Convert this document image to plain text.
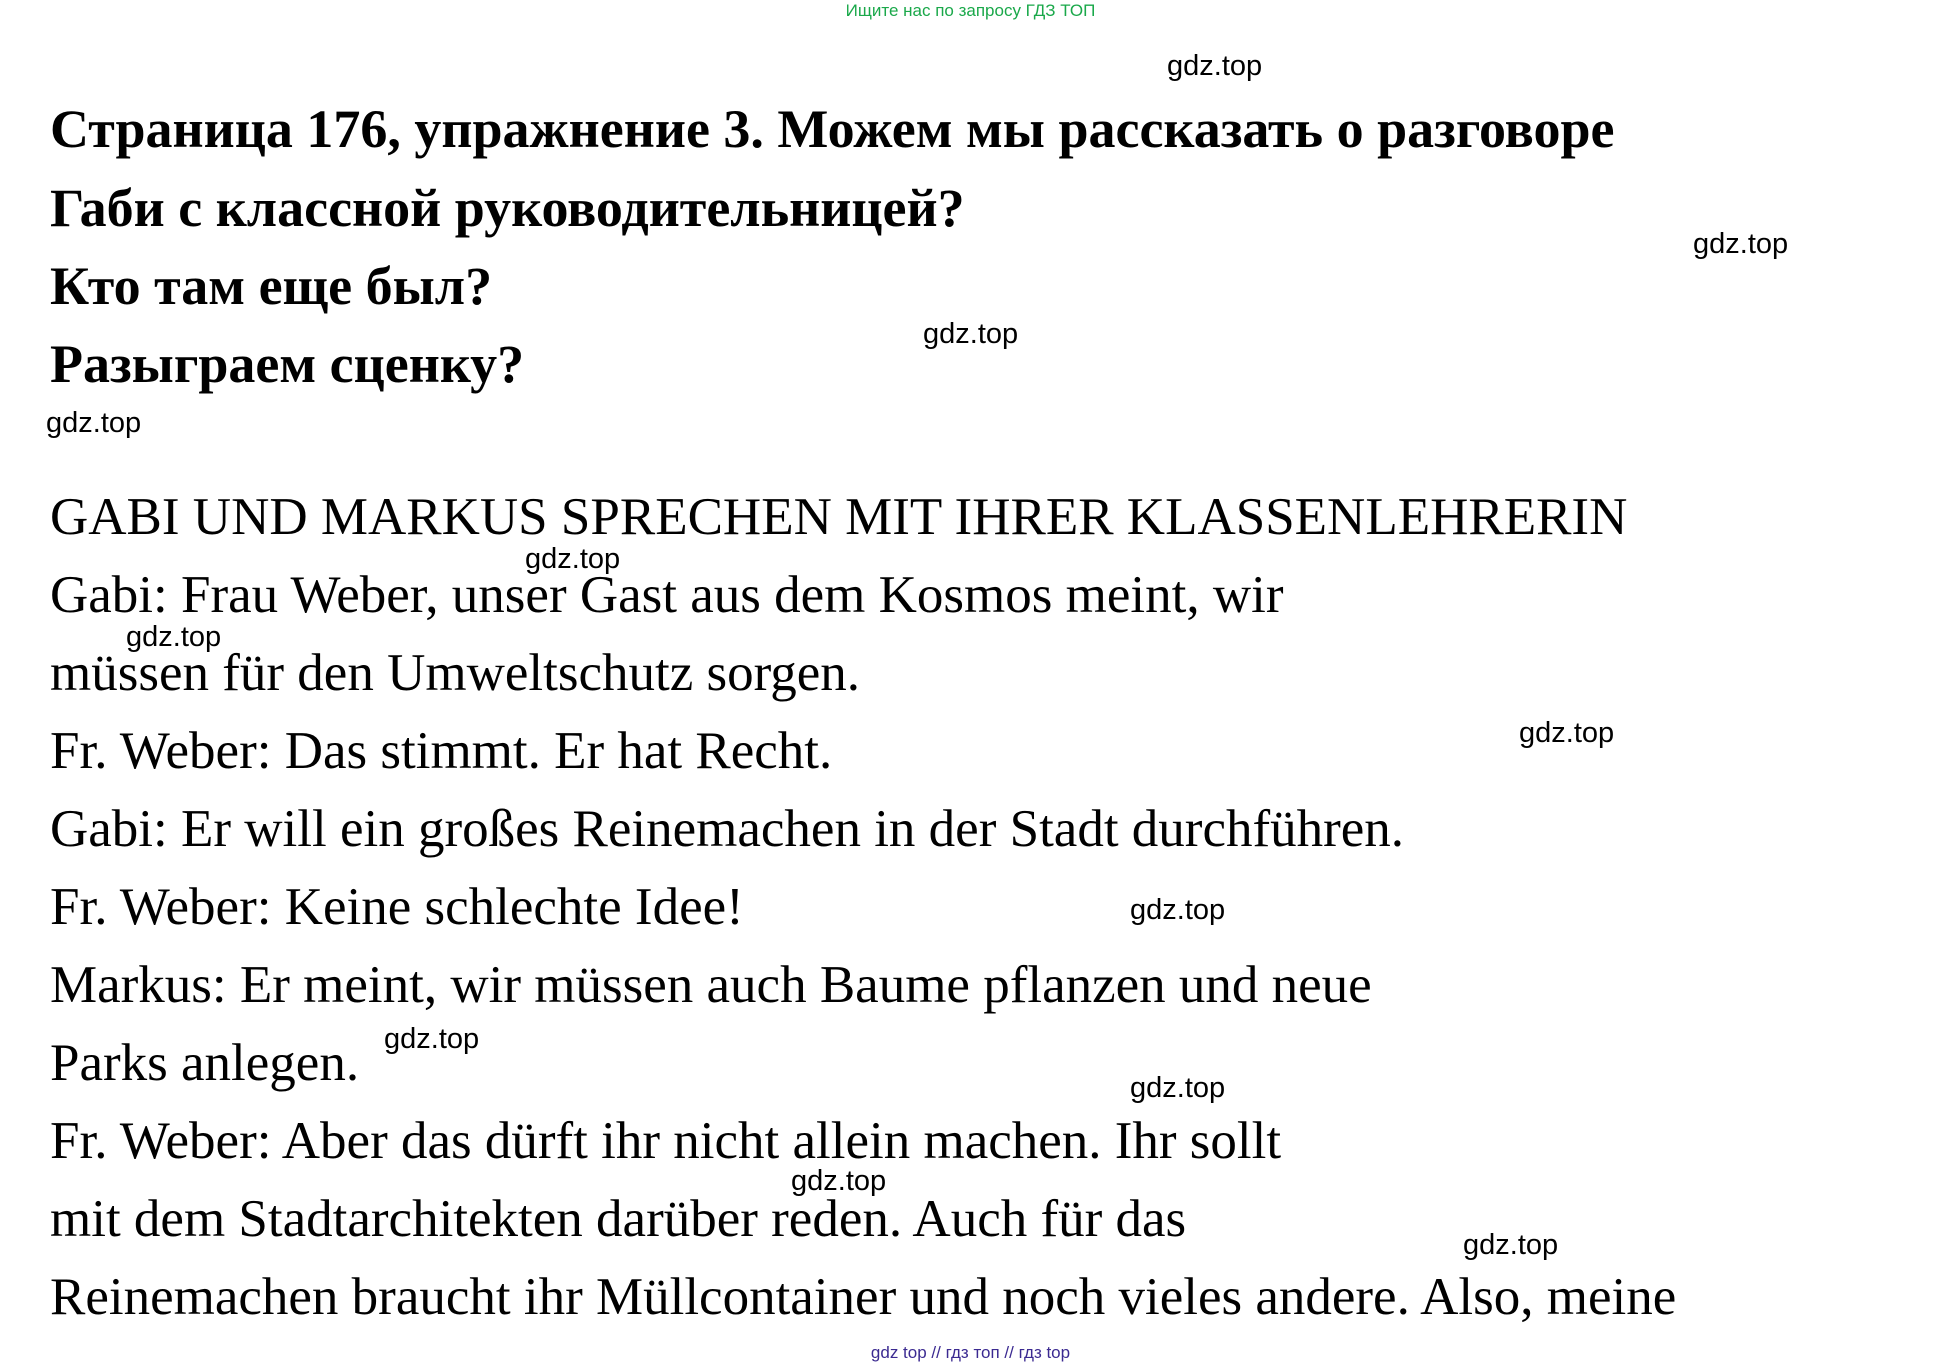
Ищите нас по запросу ГДЗ ТОП
Страница 176, упражнение 3. Можем мы рассказать о разговоре
Габи с классной руководительницей?
Кто там еще был?
Разыграем сценку?
GABI UND MARKUS SPRECHEN MIT IHRER KLASSENLEHRERIN
Gabi: Frau Weber, unser Gast aus dem Kosmos meint, wir
müssen für den Umweltschutz sorgen.
Fr. Weber: Das stimmt. Er hat Recht.
Gabi: Er will ein großes Reinemachen in der Stadt durchführen.
Fr. Weber: Keine schlechte Idee!
Markus: Er meint, wir müssen auch Baume pflanzen und neue
Parks anlegen.
Fr. Weber: Aber das dürft ihr nicht allein machen. Ihr sollt
mit dem Stadtarchitekten darüber reden. Auch für das
Reinemachen braucht ihr Müllcontainer und noch vieles andere. Also, meine
gdz.top
gdz.top
gdz.top
gdz.top
gdz.top
gdz.top
gdz.top
gdz.top
gdz.top
gdz.top
gdz.top
gdz.top
gdz top // гдз топ // гдз top
